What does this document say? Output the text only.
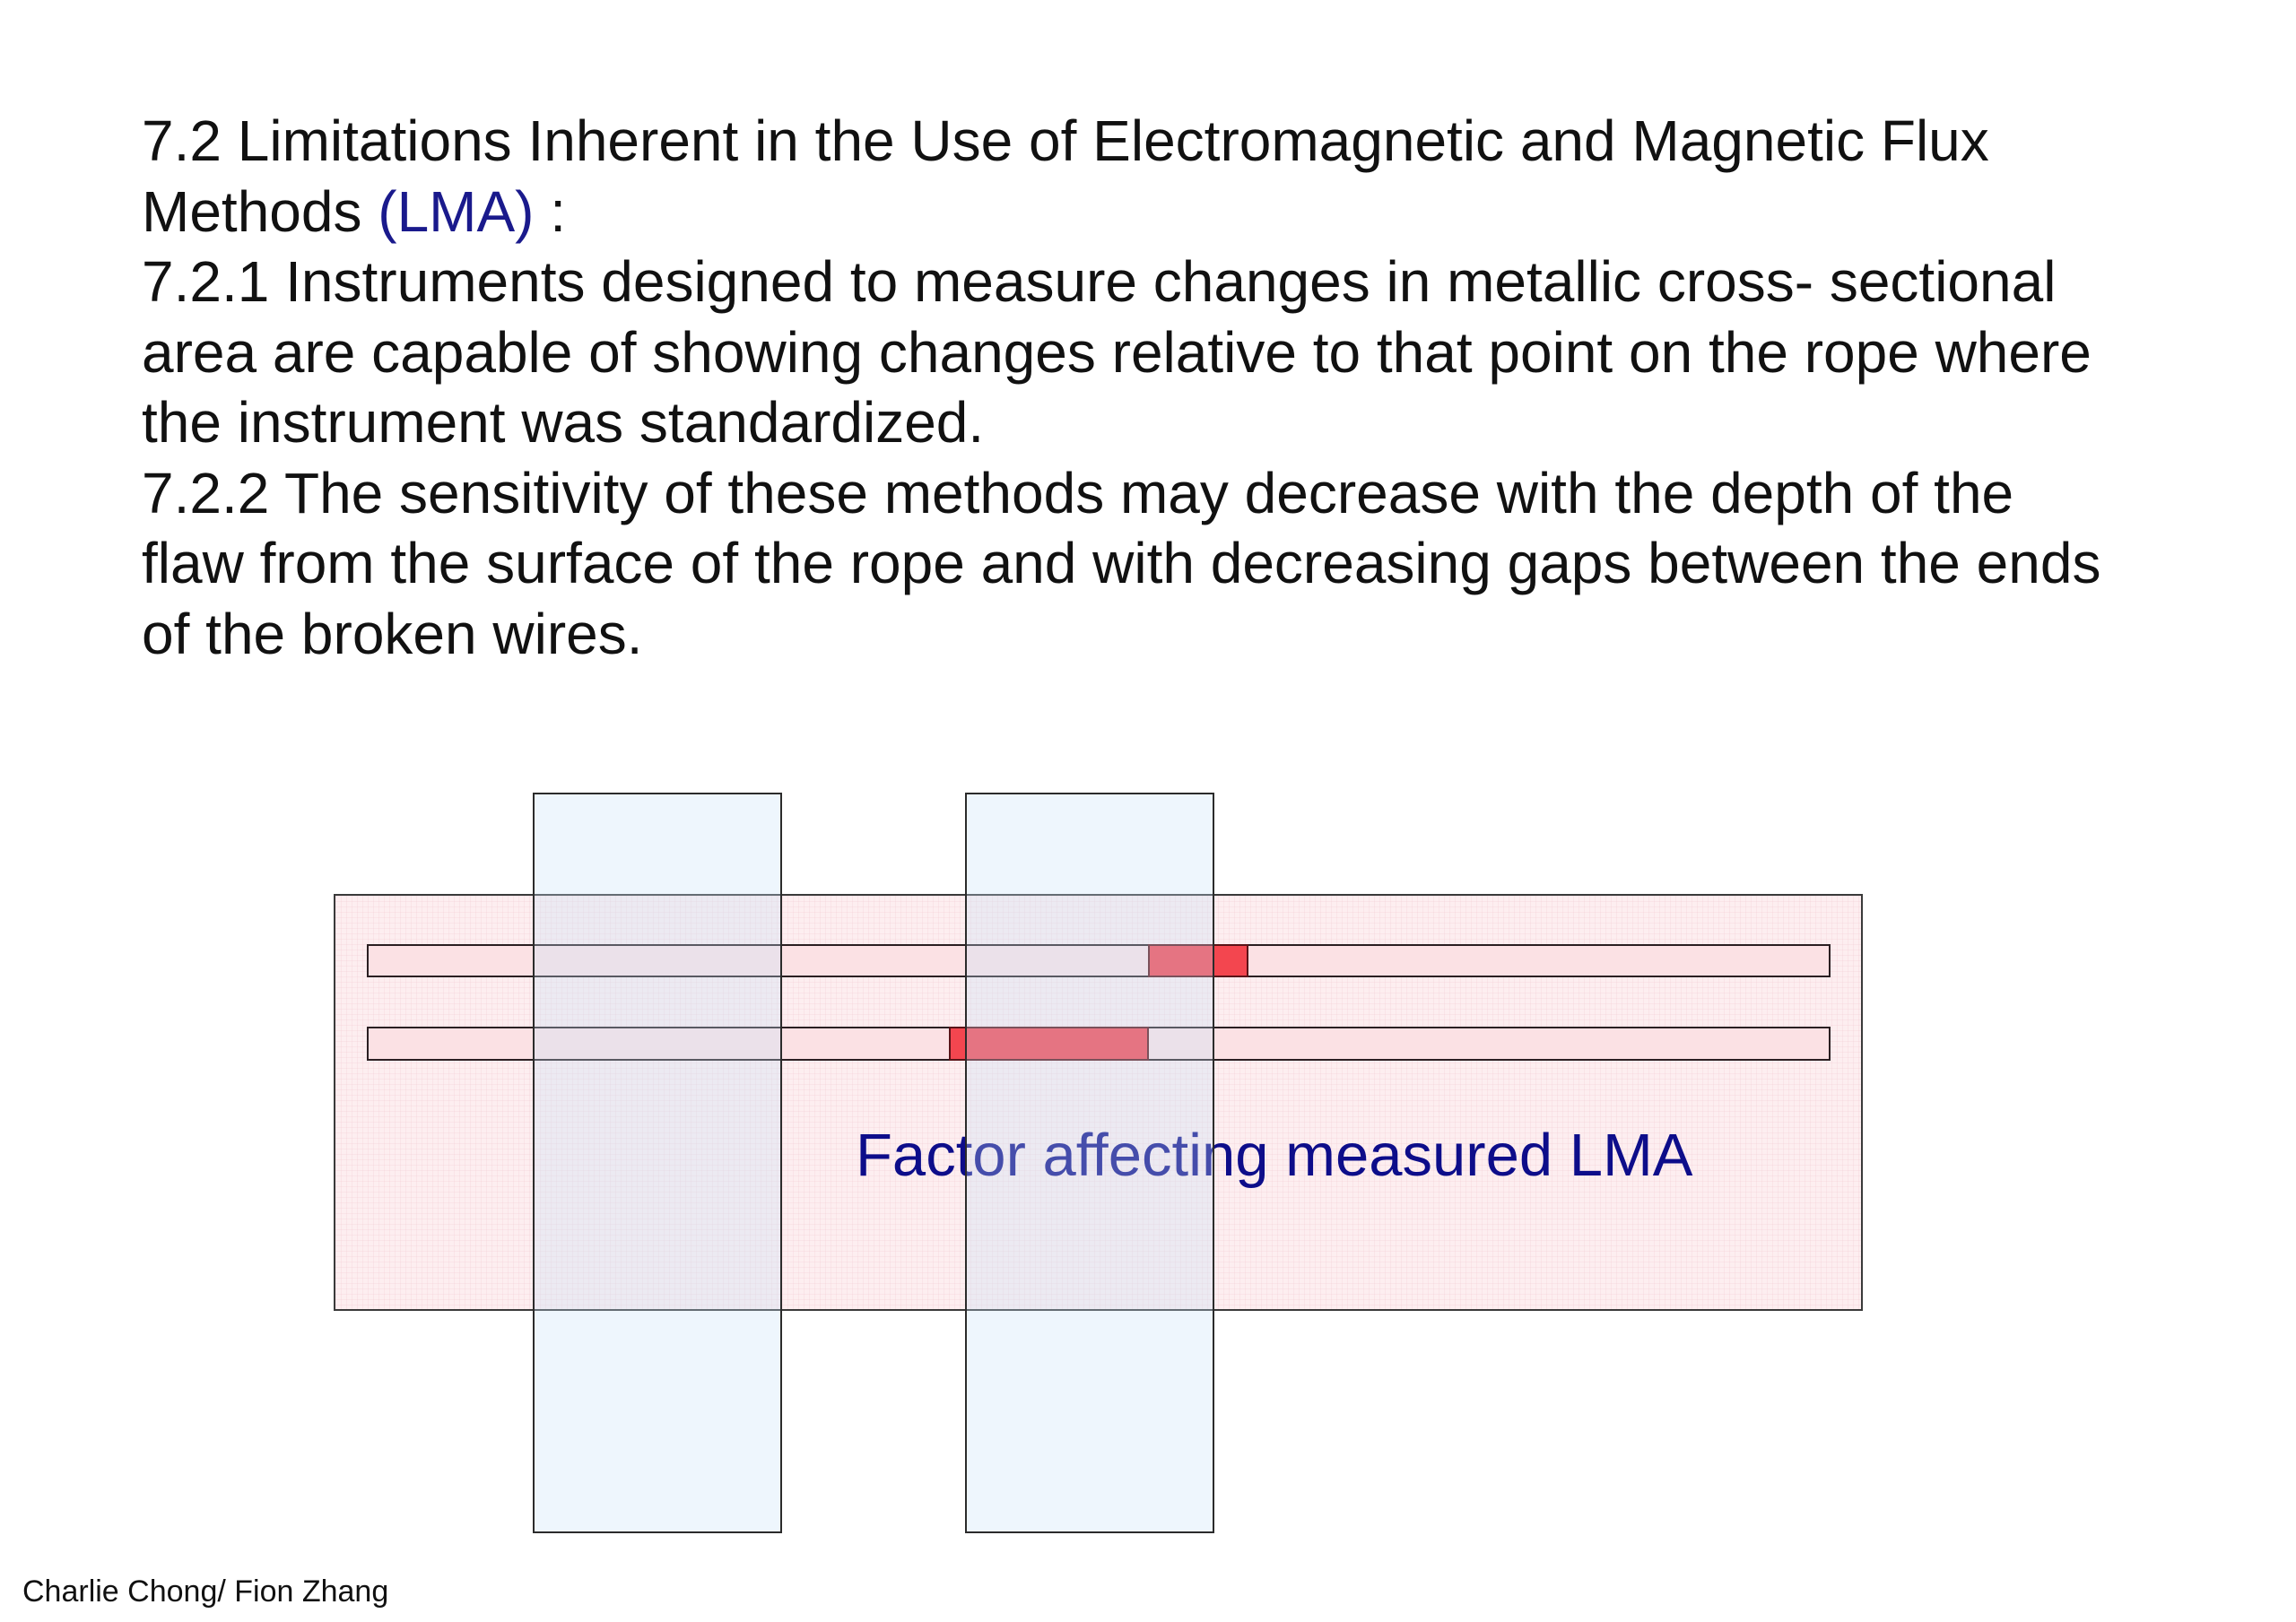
7.2 Limitations Inherent in the Use of Electromagnetic and Magnetic Flux
Methods (LMA) :
7.2.1 Instruments designed to measure changes in metallic cross- sectional
area are capable of showing changes relative to that point on the rope where
the instrument was standardized.
7.2.2 The sensitivity of these methods may decrease with the depth of the
flaw from the surface of the rope and with decreasing gaps between the ends
of the broken wires.
Factor affecting measured LMA
Charlie Chong/ Fion Zhang
